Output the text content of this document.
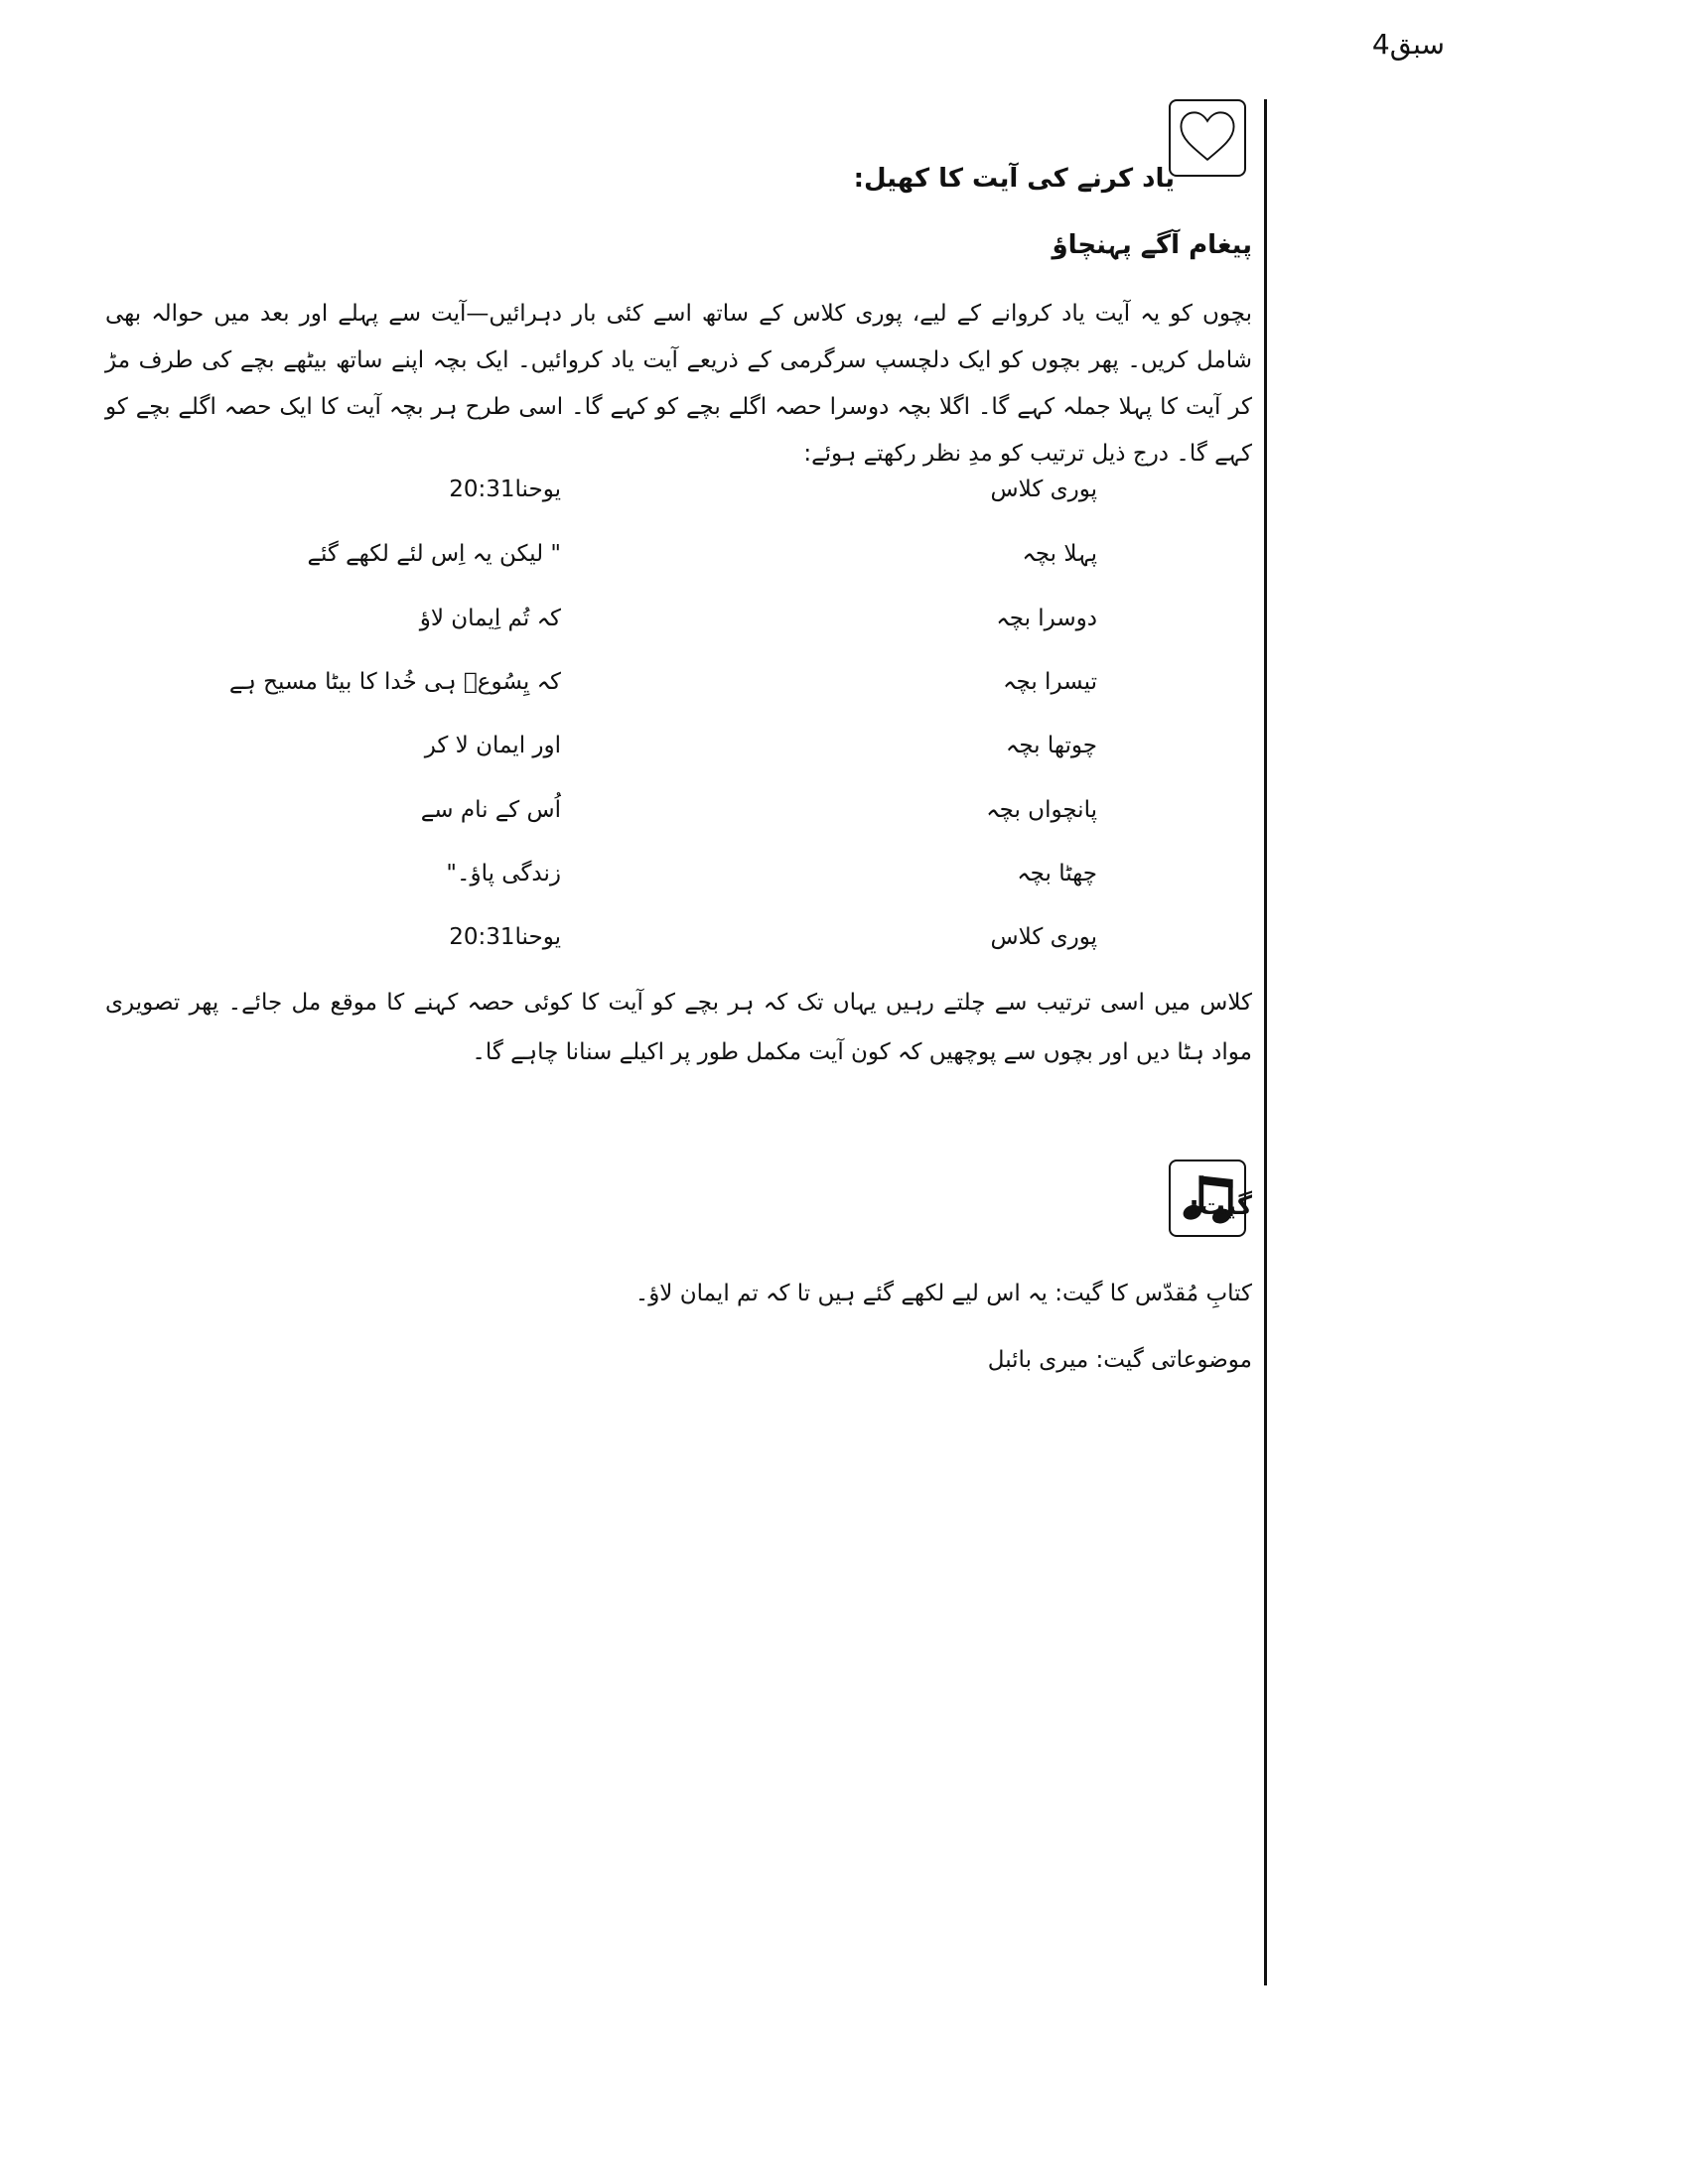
سبق4
یاد کرنے کی آیت کا کھیل:
پیغام آگے پہنچاؤ
بچوں کو یہ آیت یاد کروانے کے لیے، پوری کلاس کے ساتھ اسے کئی بار دہرائیں—آیت سے پہلے اور بعد میں حوالہ بھی شامل کریں۔ پھر بچوں کو ایک دلچسپ سرگرمی کے ذریعے آیت یاد کروائیں۔ ایک بچہ اپنے ساتھ بیٹھے بچے کی طرف مڑ کر آیت کا پہلا جملہ کہے گا۔ اگلا بچہ دوسرا حصہ اگلے بچے کو کہے گا۔ اسی طرح ہر بچہ آیت کا ایک حصہ اگلے بچے کو کہے گا۔ درج ذیل ترتیب کو مدِ نظر رکھتے ہوئے:
پوری کلاس
یوحنا20:31
پہلا بچہ
" لیکن یہ اِس لئے لکھے گئے
دوسرا بچہ
کہ تُم اِیمان لاؤ
تیسرا بچہ
کہ یِسُوعؔ ہی خُدا کا بیٹا مسیح ہے
چوتھا بچہ
اور ایمان لا کر
پانچواں بچہ
اُس کے نام سے
چھٹا بچہ
زندگی پاؤ۔"
پوری کلاس
یوحنا20:31
کلاس میں اسی ترتیب سے چلتے رہیں یہاں تک کہ ہر بچے کو آیت کا کوئی حصہ کہنے کا موقع مل جائے۔ پھر تصویری مواد ہٹا دیں اور بچوں سے پوچھیں کہ کون آیت مکمل طور پر اکیلے سنانا چاہے گا۔
گیت:
کتابِ مُقدّس کا گیت: یہ اس لیے لکھے گئے ہیں تا کہ تم ایمان لاؤ۔
موضوعاتی گیت: میری بائبل
